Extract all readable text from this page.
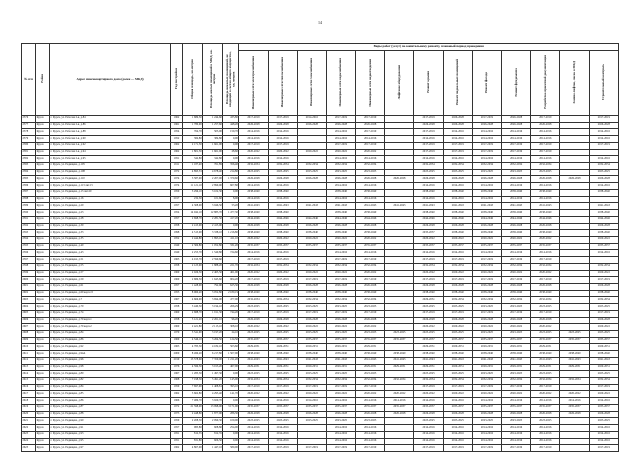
14
№ п/п	Район	Адрес многоквартирного дома (далее — МКД)	Год постройки	Общая площадь, кв.метров	Площадь жилых помещений в МКД, кв. метров	Площадь нежилых помещений, не входящих в состав общего имущества, кв. метров	Виды работ (услуг) по капитальному ремонту, плановый период проведения												
							Инженерные сети электроснабжения	Инженерные сети теплоснабжения	Инженерные сети газоснабжения	Инженерные сети водоснабжения	Инженерные сети водоотведения	Лифтовое оборудование	Ремонт крыши	Ремонт подвальных помещений	Ремонт фасада	Ремонт фундамента	Разработка проектной документации	Замена лифтов, лисок в МКД	Строительный контроль
2576	Курск	г. Курск, ул. Рабочая 2-я, д.84	1962	1 689,50	1 244,60	435,80	2017-2019	2017-2019	2014-2016	2017-2019	2017-2019		2017-2019	2026-2028	2017-2019	2026-2028	2017-2019		2017-2019
2577	Курск	г. Курск, ул. Рабочая 2-я, д.86	1961	1 780,00	1 257,60	448,20	2026-2028	2026-2028	2026-2028	2026-2028	2026-2028		2026-2028	2026-2028	2026-2028	2026-2028	2026-2028		2026-2028
2578	Курск	г. Курск, ул. Рабочая 2-я, д.88	1954	764,70	503,00	159,70	2014-2016	2014-2016		2014-2016	2017-2019		2017-2019	2014-2016	2014-2016	2014-2016	2014-2016		2014-2016
2579	Курск	г. Курск, ул. Рабочая 2-я, д.90	1952	384,80	384,80	0,00	2014-2016	2014-2016		2014-2016	2014-2016		2014-2016	2014-2016	2014-2016	2014-2016	2014-2016		2014-2016
2580	Курск	г. Курск, ул. Рабочая 2-я, д.92	1962	2 171,50	1 661,00	0,00	2017-2019	2017-2019		2017-2019	2017-2019		2017-2019	2017-2019	2017-2019	2017-2019	2017-2019		2017-2019
2581	Курск	г. Курск, ул. Рабочая 2-я, д.94	1962	1 801,50	1 661,00	28,60	2020-2022	2020-2022	2020-2022	2020-2022	2020-2022		2017-2019	2017-2019	2017-2019	2017-2019	2017-2019		
2582	Курск	г. Курск, ул. Рабочая 2-я, д.95	1951	342,80	342,80	0,00	2014-2016	2014-2016		2014-2016	2014-2016		2014-2016	2014-2016	2014-2016	2014-2016	2014-2016		2014-2016
2583	Курск	г. Курск, ул. Радищева, д.105	1911	1 187,40	761,89	356,40	2032-2034	2032-2034	2032-2034	2032-2034	2032-2034		2032-2034	2032-2034	2032-2034	2032-2034	2032-2034		2032-2034
2584	Курск	г. Курск, ул. Радищева, д.108	1972	4 893,33	4 678,40	214,80	2023-2025	2023-2025	2023-2025	2023-2025	2023-2025		2023-2025	2023-2025	2023-2025	2023-2025	2023-2025		2023-2025
2585	Курск	г. Курск, ул. Радищева, д.110	1974	3 587,00	2 207,00	1 379,60	2026-2028	2026-2028	2026-2028	2026-2028	2026-2028	2026-2028	2026-2028	2026-2028	2026-2028	2026-2028	2026-2028	2026-2028	2026-2028
2586	Курск	г. Курск, ул. Радищева, д.113 лит.15	1974	11 121,10	2 899,90	607,80	2014-2016	2014-2016		2014-2016	2014-2016		2014-2016	2014-2016	2014-2016	2014-2016	2014-2016		2014-2016
2587	Курск	г. Курск, ул. Радищева, д.13 лит.20	1959	3 296,10	3 102,30	0,00	2038-2040	2038-2040		2038-2040	2038-2040		2038-2040	2038-2040	2038-2040	2038-2040	2038-2040		2038-2040
2588	Курск	г. Курск, ул. Радищева, д.16	2017	232,30	101,60	8,00	2014-2016	2014-2016		2014-2016	2014-2016		2014-2016	2014-2016	2014-2016	2014-2016	2014-2016		
2589	Курск	г. Курск, ул. Радищева, д.20	1957	4 308,00	3 946,50	53,20	2041-2043	2041-2043	2041-2043	2041-2043	2041-2043	2041-2043	2041-2043	2041-2043	2041-2043	2041-2043	2041-2043		2041-2043
2590	Курск	г. Курск, ул. Радищева, д.23	1954	14 942,10	12 885,70	1 477,30	2038-2040	2038-2040		2038-2040	2038-2040		2038-2040	2038-2040	2038-2040	2038-2040	2038-2040		2038-2040
2591	Курск	г. Курск, ул. Радищева, д.28	1957	2 698,70	2 281,50	417,20	2044-2046	2044-2046	2044-2046	2044-2046	2044-2046		2044-2046	2044-2046	2044-2046	2044-2046	2044-2046		2044-2046
2592	Курск	г. Курск, ул. Радищева, д.30	1958	2 415,00	2 415,00	0,00	2026-2028	2026-2028	2026-2028	2026-2028	2026-2028		2026-2028	2026-2028	2026-2028	2026-2028	2026-2028		2026-2028
2593	Курск	г. Курск, ул. Радищева, д.33	1998	4 515,00	3 338,10	1 216,80	2038-2040	2038-2040	2038-2040	2038-2040	2038-2040		2035-2037	2038-2040	2038-2040	2038-2040	2038-2040		2038-2040
2594	Курск	г. Курск, ул. Радищева, д.35	1952	2 444,80	1 893,10	411,10	2020-2022	2020-2022	2020-2022	2020-2022	2020-2022		2020-2022	2020-2022	2020-2022	2020-2022	2020-2022		2020-2022
2595	Курск	г. Курск, ул. Радищева, д.40	1949	2 369,80	1 052,80	331,20	2035-2037	2035-2037	2035-2037	2035-2037	2035-2037		2035-2037	2035-2037	2035-2037	2035-2037	2035-2037		2035-2037
2596	Курск	г. Курск, ул. Радищева, д.43	1949	2 255,70	1 540,80	724,60	2014-2016	2014-2016		2014-2016	2014-2016		2014-2016	2014-2016	2014-2016	2014-2016	2014-2016		2014-2016
2597	Курск	г. Курск, ул. Радищева, д.51	1965	4 015,70	2 599,60		2017-2019	2017-2019		2017-2019	2017-2019		2017-2019	2017-2019	2017-2019	2017-2019	2017-2019		
2598	Курск	г. Курск, ул. Радищева, д.55	1958	2 125,90	1 888,20	221,70	2032-2034	2032-2034	2032-2034	2032-2034	2032-2034		2032-2034	2032-2034	2032-2034	2032-2034	2032-2034		2032-2034
2599	Курск	г. Курск, ул. Радищева, д.57	1960	2 926,50	2 465,50	461,00	2020-2022	2020-2022	2020-2022	2020-2022	2020-2022		2020-2022	2020-2022	2020-2022	2020-2022	2020-2022		2020-2022
2600	Курск	г. Курск, ул. Радищева, д.59	1960	2 686,50	1 645,60	904,20	2017-2019	2017-2019	2017-2019	2017-2019	2017-2019		2017-2019	2017-2019	2017-2019	2017-2019	2017-2019		2017-2019
2601	Курск	г. Курск, ул. Радищева, д.61	1957	1 428,00	792,90	625,30	2026-2028	2026-2028	2026-2028	2026-2028	2026-2028		2026-2028	2026-2028	2026-2028	2026-2028	2026-2028		2026-2028
2602	Курск	г. Курск, ул. Радищева, д.69 корп.15	1955	8 960,20	3 052,80	2 180,19	2038-2040	2038-2040	2038-2040	2038-2040	2038-2040		2038-2040	2038-2040	2038-2040	2038-2040	2038-2040		2038-2040
2603	Курск	г. Курск, ул. Радищева, д.7	1967	4 666,00	3 694,00	477,00	2032-2034	2032-2034	2032-2034	2032-2034	2032-2034		2029-2031	2032-2034	2032-2034	2032-2034	2032-2034		2032-2034
2604	Курск	г. Курск, ул. Радищева, д.70	1958	3 440,50	3 194,10	266,29	2023-2025	2023-2025	2023-2025	2023-2025	2023-2025		2023-2025	2023-2025	2023-2025	2023-2025	2023-2025		2023-2025
2605	Курск	г. Курск, ул. Радищева, д.74	1960	2 688,70	1 911,30	744,20	2017-2019	2017-2019	2017-2019	2017-2019	2017-2019		2017-2019	2017-2019	2017-2019	2017-2019	2017-2019		2017-2019
2606	Курск	г. Курск, ул. Радищева, д.79 корп.1	1958	5 121,20	2 261,10	96,20	2026-2028	2026-2028	2026-2028	2026-2028	2026-2028		2026-2028	2026-2028	2026-2028	2026-2028	2026-2028		2026-2028
2607	Курск	г. Курск, ул. Радищева, д.79 корп.2	1960	2 421,80	2 113,10	308,10	2020-2022	2020-2022	2020-2022	2020-2022	2020-2022		2020-2022	2020-2022	2020-2022	2020-2022	2020-2022		2020-2022
2608	Курск	г. Курск, ул. Радищева, д.84	1970	3 541,90	3 197,20	24,10	2023-2025	2023-2025	2023-2025	2023-2025	2023-2025	2023-2025	2023-2025	2023-2025	2023-2025	2023-2025	2023-2025	2023-2025	2023-2025
2609	Курск	г. Курск, ул. Радищева, д.86	1969	4 546,10	3 264,50	124,50	2035-2037	2035-2037	2035-2037	2035-2037	2035-2037	2035-2037	2035-2037	2035-2037	2035-2037	2035-2037	2035-2037	2035-2037	2035-2037
2610	Курск	г. Курск, ул. Радищева, д.92	1963	4 785,30	4 182,10	503,60	2029-2031	2029-2031	2029-2031	2029-2031	2029-2031		2029-2031	2029-2031	2029-2031	2029-2031	2029-2031		2029-2031
2611	Курск	г. Курск, ул. Радищева, д.94А	2000	8 499,20	6 217,80	1 507,90	2038-2040	2038-2040	2038-2040	2038-2040	2038-2040	2038-2040	2038-2040	2038-2040	2038-2040	2038-2040	2038-2040	2038-2040	2038-2040
2612	Курск	г. Курск, ул. Радищева, д.96	2010	13 578,60	7 350,00	1 211,20	2041-2043	2041-2043	2041-2043	2041-2043	2041-2043	2041-2043	2041-2043	2041-2043	2041-2043	2041-2043	2041-2043	2041-2043	2041-2043
2613	Курск	г. Курск, ул. Радищева, д.98	1976	4 599,50	3 013,20	467,00	2029-2031	2029-2031	2029-2031	2029-2031	2029-2031	2029-2031	2029-2031	2029-2031	2029-2031	2029-2031	2029-2031	2029-2031	2029-2031
2614	Курск	г. Курск, ул. Радищева, д.80	1967	1 285,30	1 497,30	0,00	2023-2025	2023-2025	2023-2025	2023-2025	2023-2025		2023-2025	2023-2025	2023-2025	2023-2025	2023-2025		2023-2025
2615	Курск	г. Курск, ул. Радищева, д.82	1968	7 198,30	5 491,20	145,00	2032-2034	2032-2034	2032-2034	2032-2034	2032-2034	2032-2034	2032-2034	2032-2034	2032-2034	2032-2034	2032-2034	2032-2034	2032-2034
2616	Курск	г. Курск, ул. Радищева, д.84	1959	7 697,90	1 408,81	393,10	2017-2019	2017-2019	2017-2019	2017-2019	2017-2019		2017-2019	2017-2019	2017-2019	2017-2019	2017-2019		2017-2019
2617	Курск	г. Курск, ул. Радищева, д.85	1962	5 662,80	4 295,40	141,70	2020-2022	2020-2022	2020-2022	2020-2022	2020-2022	2020-2022	2020-2022	2020-2022	2020-2022	2020-2022	2020-2022	2020-2022	2020-2022
2618	Курск	г. Курск, ул. Радищева, д.86	1966	7 486,70	3 920,70	0,00	2014-2016	2014-2016	2014-2016	2014-2016	2014-2016	2014-2016	2014-2016	2014-2016	2014-2016	2014-2016	2014-2016	2014-2016	2014-2016
2619	Курск	г. Курск, ул. Радищева, д.87	1972	21 598,00	13 998,90	3 171,90	2035-2037	2035-2037	2035-2037	2035-2037	2035-2037	2035-2037	2035-2037	2035-2037	2035-2037	2035-2037	2035-2037	2035-2037	2035-2037
2620	Курск	г. Курск, ул. Радищева, д.88	1973	2 448,80	1 877,00	286,30	2026-2028	2026-2028	2026-2028	2026-2028	2026-2028	2026-2028	2026-2028	2026-2028	2026-2028	2026-2028	2026-2028	2026-2028	2026-2028
2621	Курск	г. Курск, ул. Радищева, д.90	1959	2 208,30	2 099,30	109,00	2023-2025	2023-2025	2023-2025	2023-2025	2023-2025		2023-2025	2023-2025	2023-2025	2023-2025	2023-2025		2023-2025
2622	Курск	г. Курск, ул. Радищева, д.91	1957	983,80	608,80	254,00	2014-2016	2014-2016		2014-2016	2014-2016		2014-2016	2014-2016	2014-2016	2014-2016	2014-2016		2014-2016
2623	Курск	г. Курск, ул. Радищева, д.93	1951	812,35	812,35	0,00	2014-2016	2014-2016		2014-2016	2014-2016		2014-2016	2014-2016	2014-2016	2014-2016	2014-2016		2014-2016
2624	Курск	г. Курск, ул. Радищева, д.95	1951	831,80	606,50	0,00	2014-2016	2014-2016		2014-2016	2014-2016		2014-2016	2014-2016	2014-2016	2014-2016	2014-2016		2014-2016
2625	Курск	г. Курск, ул. Радищева, д.97	1962	4 867,90	1 447,10	589,90	2017-2019	2017-2019	2017-2019	2017-2019	2017-2019		2017-2019	2017-2019	2017-2019	2017-2019	2017-2019		2017-2019
